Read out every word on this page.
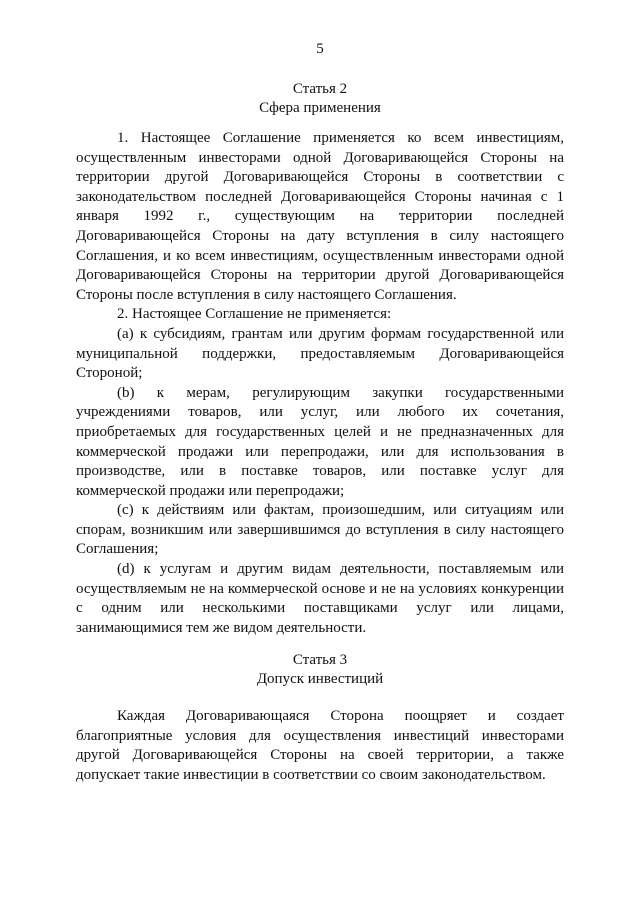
5
Статья 2
Сфера применения

1. Настоящее Соглашение применяется ко всем инвестициям, осуществленным инвесторами одной Договаривающейся Стороны на территории другой Договаривающейся Стороны в соответствии с законодательством последней Договаривающейся Стороны начиная с 1 января 1992 г., существующим на территории последней Договаривающейся Стороны на дату вступления в силу настоящего Соглашения, и ко всем инвестициям, осуществленным инвесторами одной Договаривающейся Стороны на территории другой Договаривающейся Стороны после вступления в силу настоящего Соглашения.

2. Настоящее Соглашение не применяется:

(a) к субсидиям, грантам или другим формам государственной или муниципальной поддержки, предоставляемым Договаривающейся Стороной;

(b) к мерам, регулирующим закупки государственными учреждениями товаров, или услуг, или любого их сочетания, приобретаемых для государственных целей и не предназначенных для коммерческой продажи или перепродажи, или для использования в производстве, или в поставке товаров, или поставке услуг для коммерческой продажи или перепродажи;

(c) к действиям или фактам, произошедшим, или ситуациям или спорам, возникшим или завершившимся до вступления в силу настоящего Соглашения;

(d) к услугам и другим видам деятельности, поставляемым или осуществляемым не на коммерческой основе и не на условиях конкуренции с одним или несколькими поставщиками услуг или лицами, занимающимися тем же видом деятельности.

Статья 3
Допуск инвестиций

Каждая Договаривающаяся Сторона поощряет и создает благоприятные условия для осуществления инвестиций инвесторами другой Договаривающейся Стороны на своей территории, а также допускает такие инвестиции в соответствии со своим законодательством.
